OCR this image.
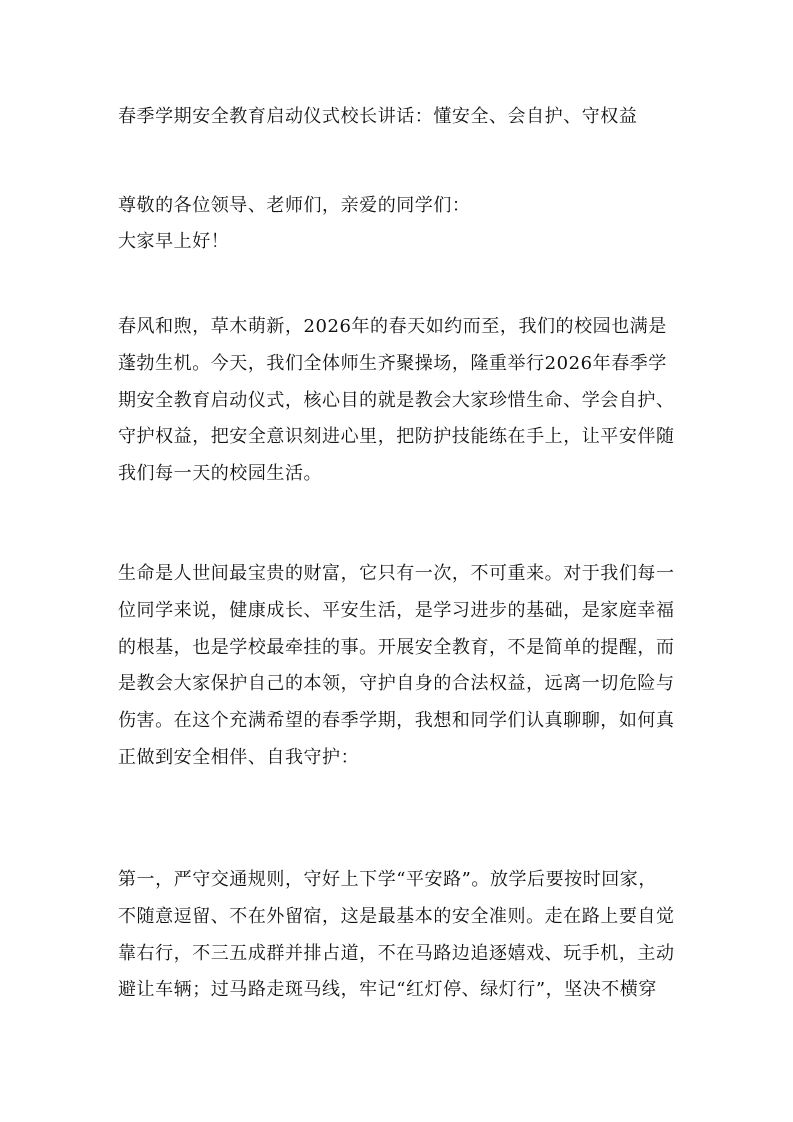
春季学期安全教育启动仪式校长讲话：懂安全、会自护、守权益
尊敬的各位领导、老师们，亲爱的同学们：
大家早上好！
春风和煦，草木萌新，2026年的春天如约而至，我们的校园也满是
蓬勃生机。今天，我们全体师生齐聚操场，隆重举行2026年春季学
期安全教育启动仪式，核心目的就是教会大家珍惜生命、学会自护、
守护权益，把安全意识刻进心里，把防护技能练在手上，让平安伴随
我们每一天的校园生活。
生命是人世间最宝贵的财富，它只有一次，不可重来。对于我们每一
位同学来说，健康成长、平安生活，是学习进步的基础，是家庭幸福
的根基，也是学校最牵挂的事。开展安全教育，不是简单的提醒，而
是教会大家保护自己的本领，守护自身的合法权益，远离一切危险与
伤害。在这个充满希望的春季学期，我想和同学们认真聊聊，如何真
正做到安全相伴、自我守护：
第一，严守交通规则，守好上下学“平安路”。放学后要按时回家，
不随意逗留、不在外留宿，这是最基本的安全准则。走在路上要自觉
靠右行，不三五成群并排占道，不在马路边追逐嬉戏、玩手机，主动
避让车辆；过马路走斑马线，牢记“红灯停、绿灯行”，坚决不横穿
